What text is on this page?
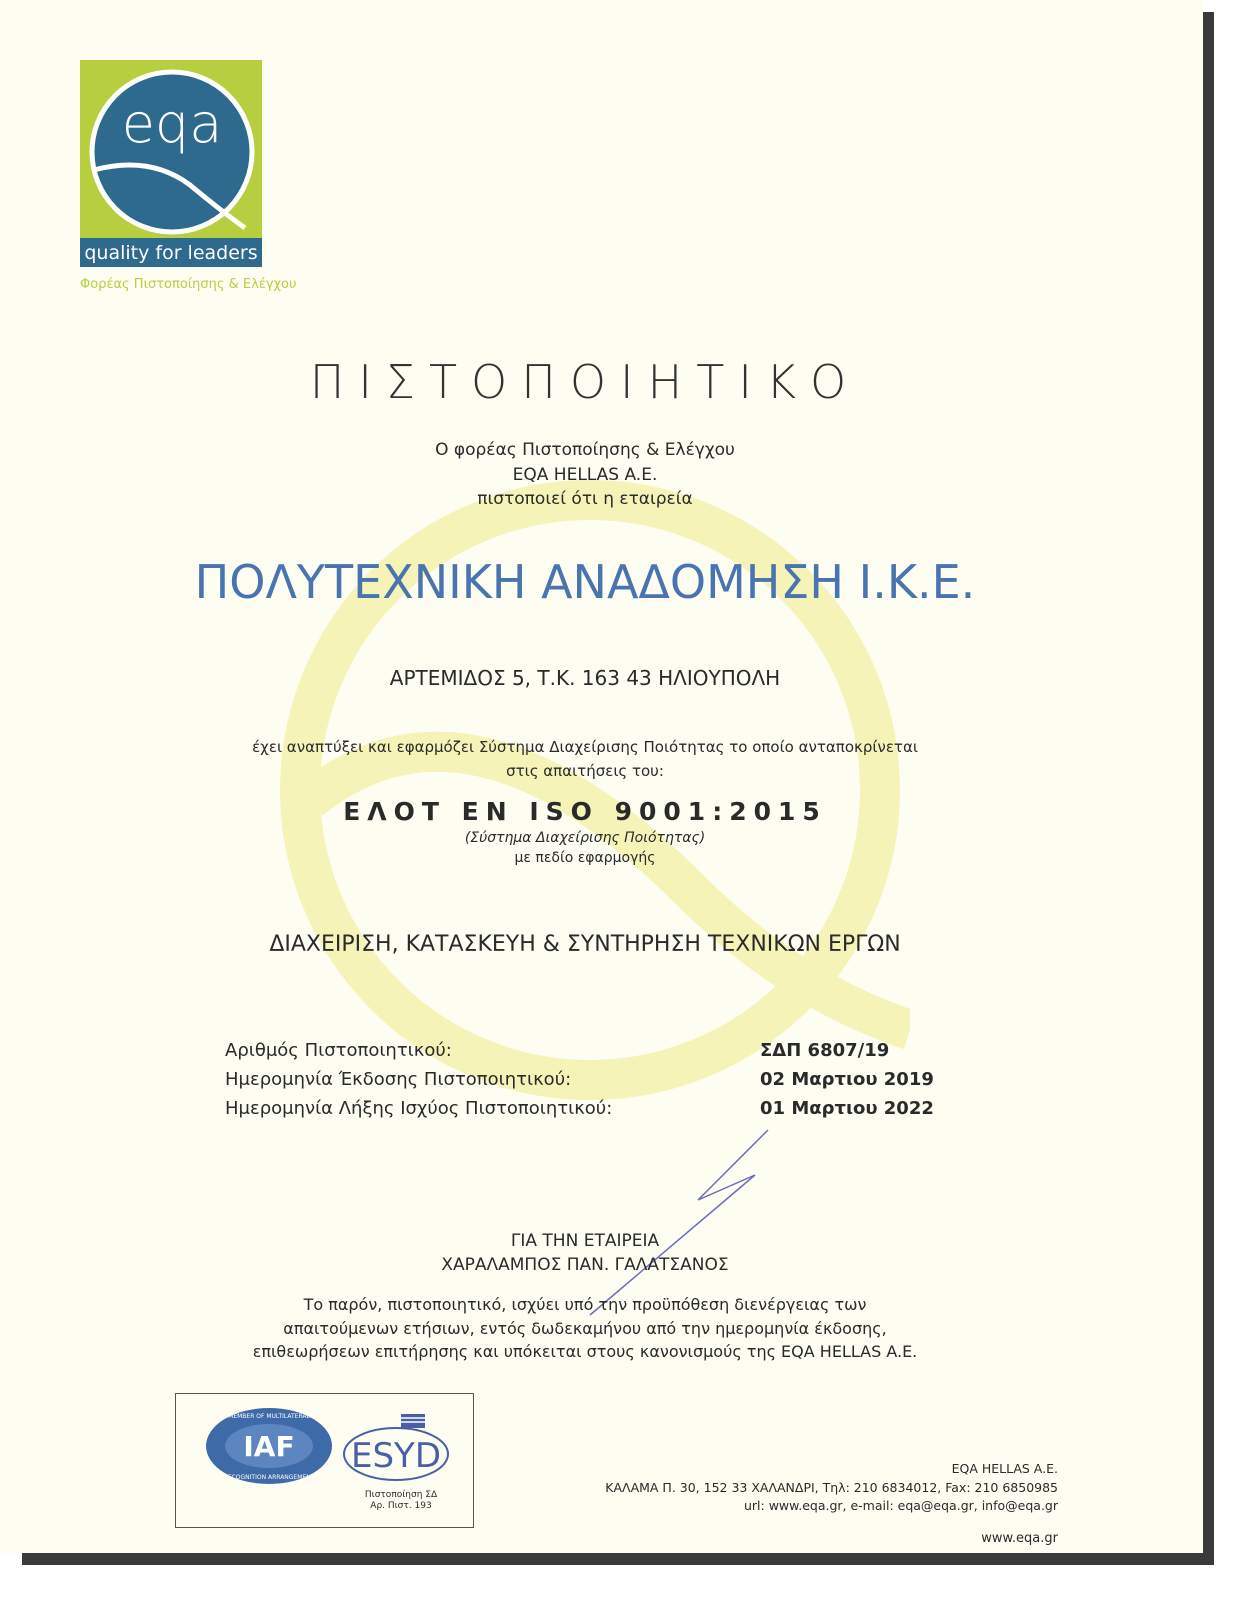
eqa
quality for leaders
Φορέας Πιστοποίησης & Ελέγχου
ΠΙΣΤΟΠΟΙΗΤΙΚΟ
Ο φορέας Πιστοποίησης & Ελέγχου
EQA HELLAS A.E.
πιστοποιεί ότι η εταιρεία
ΠΟΛΥΤΕΧΝΙΚΗ ΑΝΑΔΟΜΗΣΗ Ι.Κ.Ε.
ΑΡΤΕΜΙΔΟΣ 5, Τ.Κ. 163 43 ΗΛΙΟΥΠΟΛΗ
έχει αναπτύξει και εφαρμόζει Σύστημα Διαχείρισης Ποιότητας το οποίο ανταποκρίνεται
στις απαιτήσεις του:
ΕΛΟΤ ΕΝ ISO 9001:2015
(Σύστημα Διαχείρισης Ποιότητας)
με πεδίο εφαρμογής
ΔΙΑΧΕΙΡΙΣΗ, ΚΑΤΑΣΚΕΥΗ & ΣΥΝΤΗΡΗΣΗ ΤΕΧΝΙΚΩΝ ΕΡΓΩΝ
Αριθμός Πιστοποιητικού:	ΣΔΠ 6807/19
Ημερομηνία Έκδοσης Πιστοποιητικού:	02 Μαρτιου 2019
Ημερομηνία Λήξης Ισχύος Πιστοποιητικού:	01 Μαρτιου 2022
ΓΙΑ ΤΗΝ ΕΤΑΙΡΕΙΑ
ΧΑΡΑΛΑΜΠΟΣ ΠΑΝ. ΓΑΛΑΤΣΑΝΟΣ
Το παρόν, πιστοποιητικό, ισχύει υπό την προϋπόθεση διενέργειας των
απαιτούμενων ετήσιων, εντός δωδεκαμήνου από την ημερομηνία έκδοσης,
επιθεωρήσεων επιτήρησης και υπόκειται στους κανονισμούς της EQA HELLAS A.E.
IAF
MEMBER OF MULTILATERAL
RECOGNITION ARRANGEMENT
ESYD
Πιστοποίηση ΣΔ
Αρ. Πιστ. 193
EQA HELLAS A.E.
ΚΑΛΑΜΑ Π. 30, 152 33 ΧΑΛΑΝΔΡΙ, Τηλ: 210 6834012, Fax: 210 6850985
url: www.eqa.gr, e-mail: eqa@eqa.gr, info@eqa.gr
www.eqa.gr
